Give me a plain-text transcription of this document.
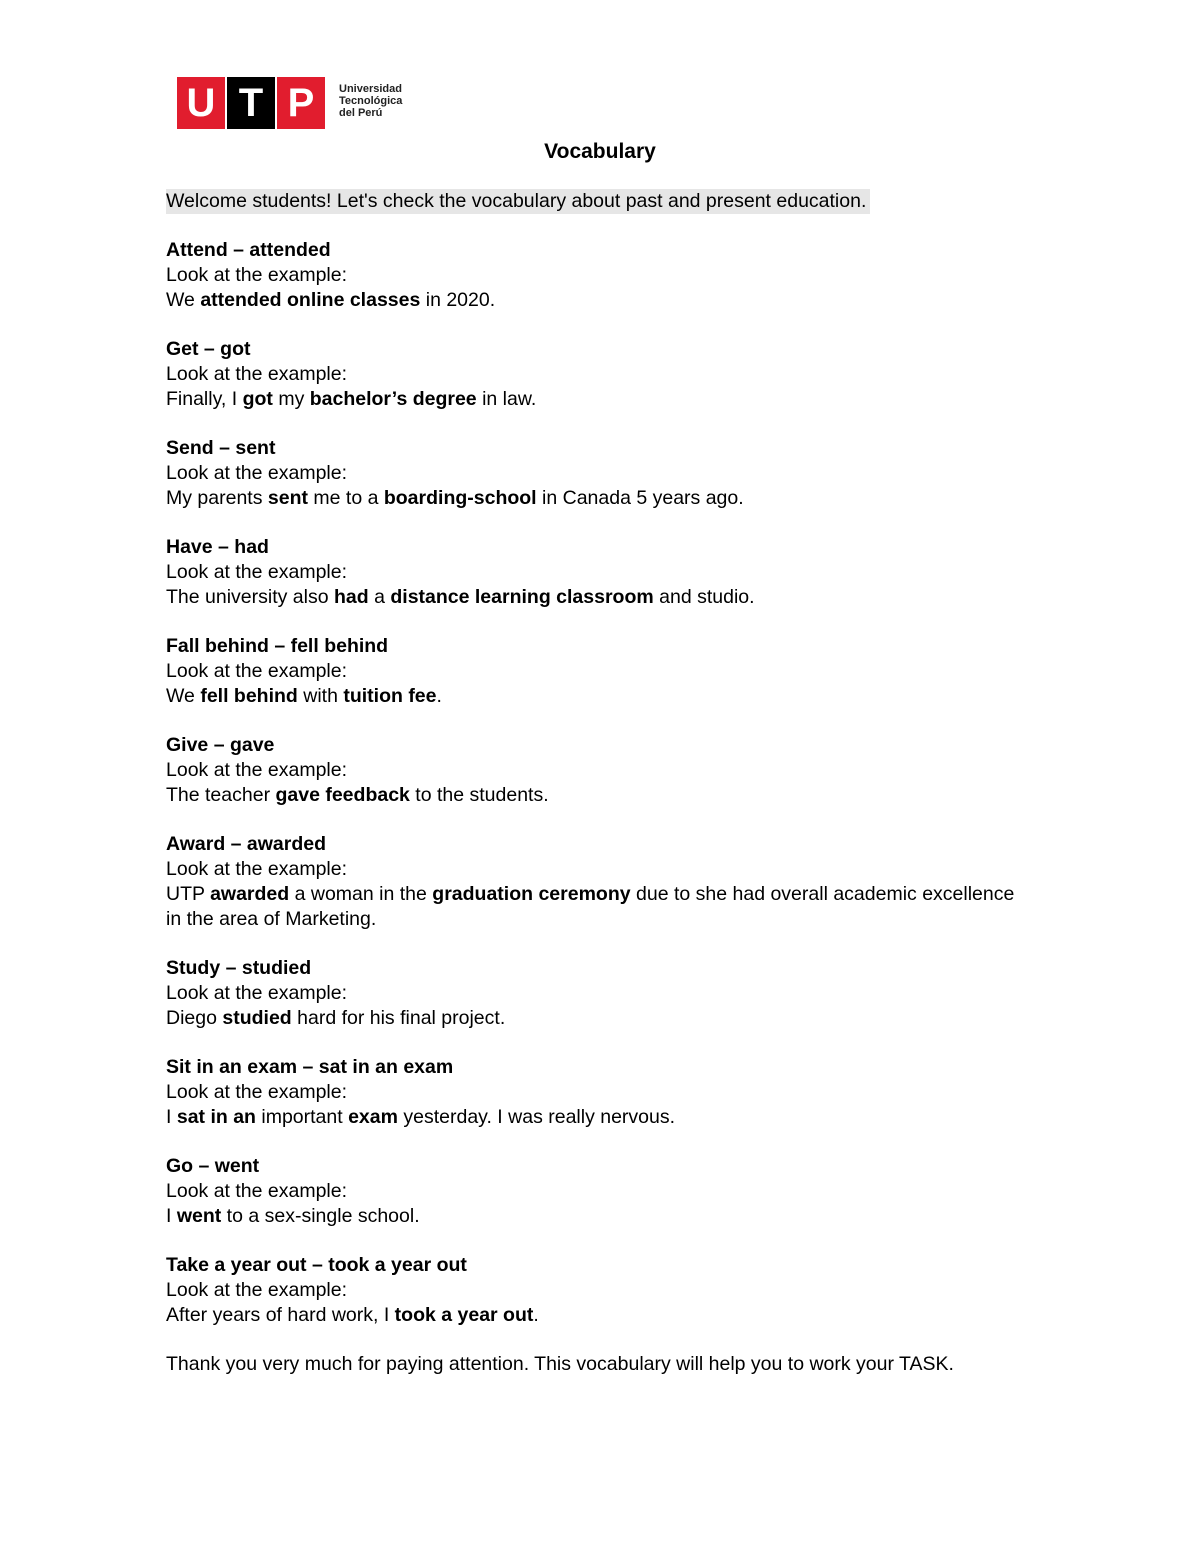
U T P	Universidad
Tecnológica
del Perú
Vocabulary
Welcome students! Let's check the vocabulary about past and present education.
Attend – attended
Look at the example:
We attended online classes in 2020.
Get – got
Look at the example:
Finally, I got my bachelor’s degree in law.
Send – sent
Look at the example:
My parents sent me to a boarding-school in Canada 5 years ago.
Have – had
Look at the example:
The university also had a distance learning classroom and studio.
Fall behind – fell behind
Look at the example:
We fell behind with tuition fee.
Give – gave
Look at the example:
The teacher gave feedback to the students.
Award – awarded
Look at the example:
UTP awarded a woman in the graduation ceremony due to she had overall academic excellence in the area of Marketing.
Study – studied
Look at the example:
Diego studied hard for his final project.
Sit in an exam – sat in an exam
Look at the example:
I sat in an important exam yesterday. I was really nervous.
Go – went
Look at the example:
I went to a sex-single school.
Take a year out – took a year out
Look at the example:
After years of hard work, I took a year out.
Thank you very much for paying attention. This vocabulary will help you to work your TASK.
